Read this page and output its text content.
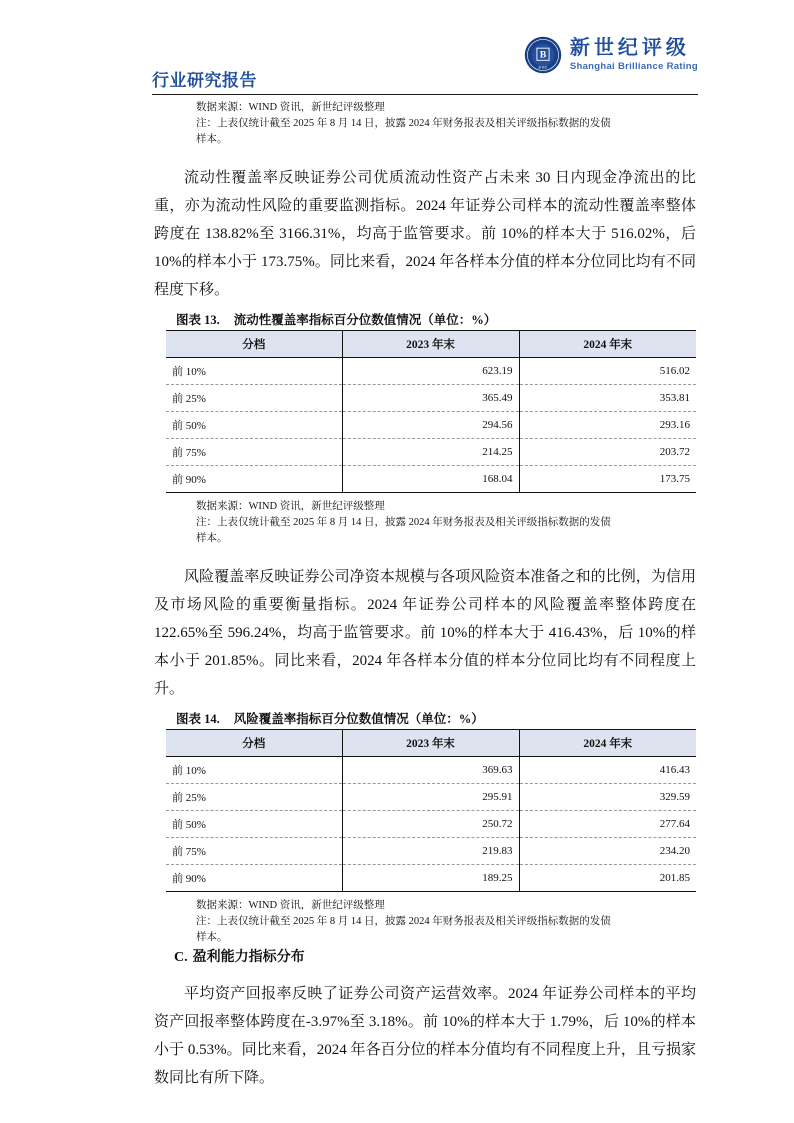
行业研究报告
B
新世纪
新世纪评级
Shanghai Brilliance Rating
数据来源：WIND 资讯，新世纪评级整理
注：上表仅统计截至 2025 年 8 月 14 日，披露 2024 年财务报表及相关评级指标数据的发债
样本。

流动性覆盖率反映证券公司优质流动性资产占未来 30 日内现金净流出的比重，亦为流动性风险的重要监测指标。2024 年证券公司样本的流动性覆盖率整体跨度在 138.82%至 3166.31%，均高于监管要求。前 10%的样本大于 516.02%，后 10%的样本小于 173.75%。同比来看，2024 年各样本分值的样本分位同比均有不同程度下移。

图表 13. 流动性覆盖率指标百分位数值情况（单位：%）
分档	2023 年末	2024 年末
前 10%	623.19	516.02
前 25%	365.49	353.81
前 50%	294.56	293.16
前 75%	214.25	203.72
前 90%	168.04	173.75
数据来源：WIND 资讯，新世纪评级整理
注：上表仅统计截至 2025 年 8 月 14 日，披露 2024 年财务报表及相关评级指标数据的发债
样本。

风险覆盖率反映证券公司净资本规模与各项风险资本准备之和的比例，为信用及市场风险的重要衡量指标。2024 年证券公司样本的风险覆盖率整体跨度在 122.65%至 596.24%，均高于监管要求。前 10%的样本大于 416.43%，后 10%的样本小于 201.85%。同比来看，2024 年各样本分值的样本分位同比均有不同程度上升。

图表 14. 风险覆盖率指标百分位数值情况（单位：%）
分档	2023 年末	2024 年末
前 10%	369.63	416.43
前 25%	295.91	329.59
前 50%	250.72	277.64
前 75%	219.83	234.20
前 90%	189.25	201.85
数据来源：WIND 资讯，新世纪评级整理
注：上表仅统计截至 2025 年 8 月 14 日，披露 2024 年财务报表及相关评级指标数据的发债
样本。
C. 盈利能力指标分布

平均资产回报率反映了证券公司资产运营效率。2024 年证券公司样本的平均资产回报率整体跨度在-3.97%至 3.18%。前 10%的样本大于 1.79%，后 10%的样本小于 0.53%。同比来看，2024 年各百分位的样本分值均有不同程度上升，且亏损家数同比有所下降。
